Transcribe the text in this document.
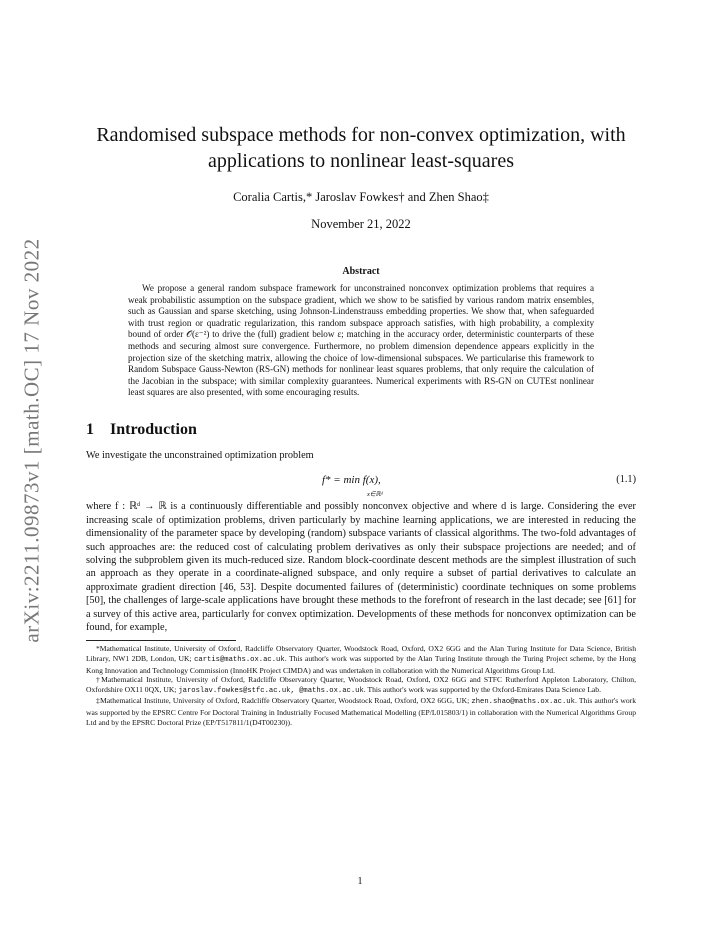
arXiv:2211.09873v1 [math.OC] 17 Nov 2022
Randomised subspace methods for non-convex optimization, with applications to nonlinear least-squares
Coralia Cartis,* Jaroslav Fowkes† and Zhen Shao‡
November 21, 2022
Abstract

We propose a general random subspace framework for unconstrained nonconvex optimization problems that requires a weak probabilistic assumption on the subspace gradient, which we show to be satisfied by various random matrix ensembles, such as Gaussian and sparse sketching, using Johnson-Lindenstrauss embedding properties. We show that, when safeguarded with trust region or quadratic regularization, this random subspace approach satisfies, with high probability, a complexity bound of order 𝒪(ε⁻²) to drive the (full) gradient below ε; matching in the accuracy order, deterministic counterparts of these methods and securing almost sure convergence. Furthermore, no problem dimension dependence appears explicitly in the projection size of the sketching matrix, allowing the choice of low-dimensional subspaces. We particularise this framework to Random Subspace Gauss-Newton (RS-GN) methods for nonlinear least squares problems, that only require the calculation of the Jacobian in the subspace; with similar complexity guarantees. Numerical experiments with RS-GN on CUTEst nonlinear least squares are also presented, with some encouraging results.

1 Introduction

We investigate the unconstrained optimization problem

f* = min f(x),
x∈ℝᵈ
(1.1)

where f : ℝᵈ → ℝ is a continuously differentiable and possibly nonconvex objective and where d is large. Considering the ever increasing scale of optimization problems, driven particularly by machine learning applications, we are interested in reducing the dimensionality of the parameter space by developing (random) subspace variants of classical algorithms. The two-fold advantages of such approaches are: the reduced cost of calculating problem derivatives as only their subspace projections are needed; and of solving the subproblem given its much-reduced size. Random block-coordinate descent methods are the simplest illustration of such an approach as they operate in a coordinate-aligned subspace, and only require a subset of partial derivatives to calculate an approximate gradient direction [46, 53]. Despite documented failures of (deterministic) coordinate techniques on some problems [50], the challenges of large-scale applications have brought these methods to the forefront of research in the last decade; see [61] for a survey of this active area, particularly for convex optimization. Developments of these methods for nonconvex optimization can be found, for example,

*Mathematical Institute, University of Oxford, Radcliffe Observatory Quarter, Woodstock Road, Oxford, OX2 6GG and the Alan Turing Institute for Data Science, British Library, NW1 2DB, London, UK; cartis@maths.ox.ac.uk. This author's work was supported by the Alan Turing Institute through the Turing Project scheme, by the Hong Kong Innovation and Technology Commission (InnoHK Project CIMDA) and was undertaken in collaboration with the Numerical Algorithms Group Ltd.

†Mathematical Institute, University of Oxford, Radcliffe Observatory Quarter, Woodstock Road, Oxford, OX2 6GG and STFC Rutherford Appleton Laboratory, Chilton, Oxfordshire OX11 0QX, UK; jaroslav.fowkes@stfc.ac.uk, @maths.ox.ac.uk. This author's work was supported by the Oxford-Emirates Data Science Lab.

‡Mathematical Institute, University of Oxford, Radcliffe Observatory Quarter, Woodstock Road, Oxford, OX2 6GG, UK; zhen.shao@maths.ox.ac.uk. This author's work was supported by the EPSRC Centre For Doctoral Training in Industrially Focused Mathematical Modelling (EP/L015803/1) in collaboration with the Numerical Algorithms Group Ltd and by the EPSRC Doctoral Prize (EP/T517811/1(D4T00230)).

1
